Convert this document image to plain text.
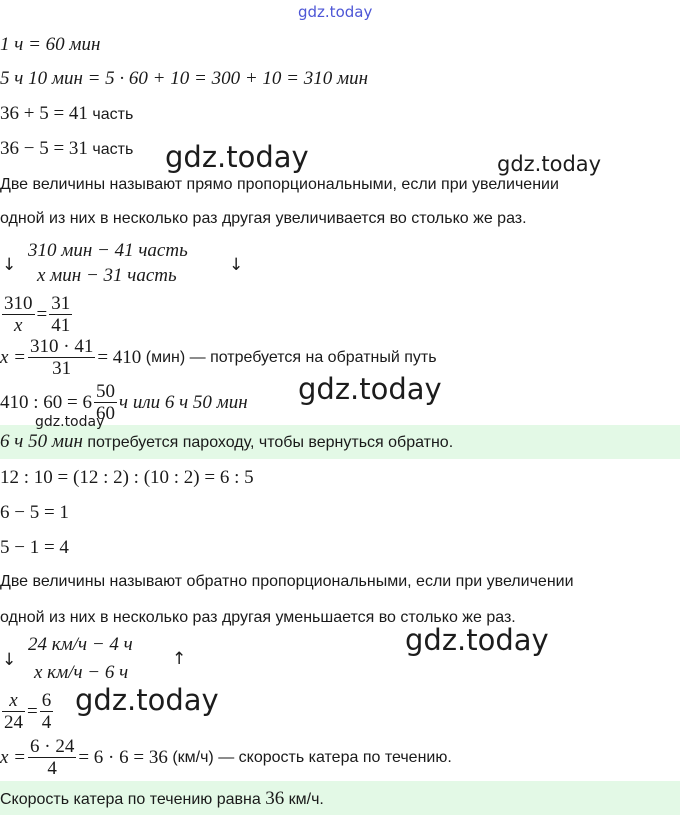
gdz.today
gdz.today	gdz.today
gdz.today
gdz.today
gdz.today
gdz.today
1 ч = 60 мин
5 ч 10 мин = 5 · 60 + 10 = 300 + 10 = 310 мин
36 + 5 = 41 часть
36 − 5 = 31 часть
Две величины называют прямо пропорциональными, если при увеличении
одной из них в несколько раз другая увеличивается во столько же раз.
↓
310 мин − 41 часть
x мин − 31 часть	↓
$\frac{310}{x} = \frac{31}{41}$
$x = \frac{310 \cdot 41}{31} = 410$
(мин) — потребуется на обратный путь
410 : $60 = 6 \frac{50}{60}$ ч или 6 ч 50 мин
6 ч 50 мин потребуется пароходу, чтобы вернуться обратно.
12 : 10 = (12 : 2) : (10 : 2) = 6 : 5
6 − 5 = 1
5 − 1 = 4
Две величины называют обратно пропорциональными, если при увеличении
одной из них в несколько раз другая уменьшается во столько же раз.
↓
24 км/ч − 4 ч
x км/ч − 6 ч
↑
$\frac{x}{24} = \frac{6}{4}$
$x = \frac{6 \cdot 24}{4} = 6 \cdot 6 = 36$
(км/ч) — скорость катера по течению.
Скорость катера по течению равна 36 км/ч.
